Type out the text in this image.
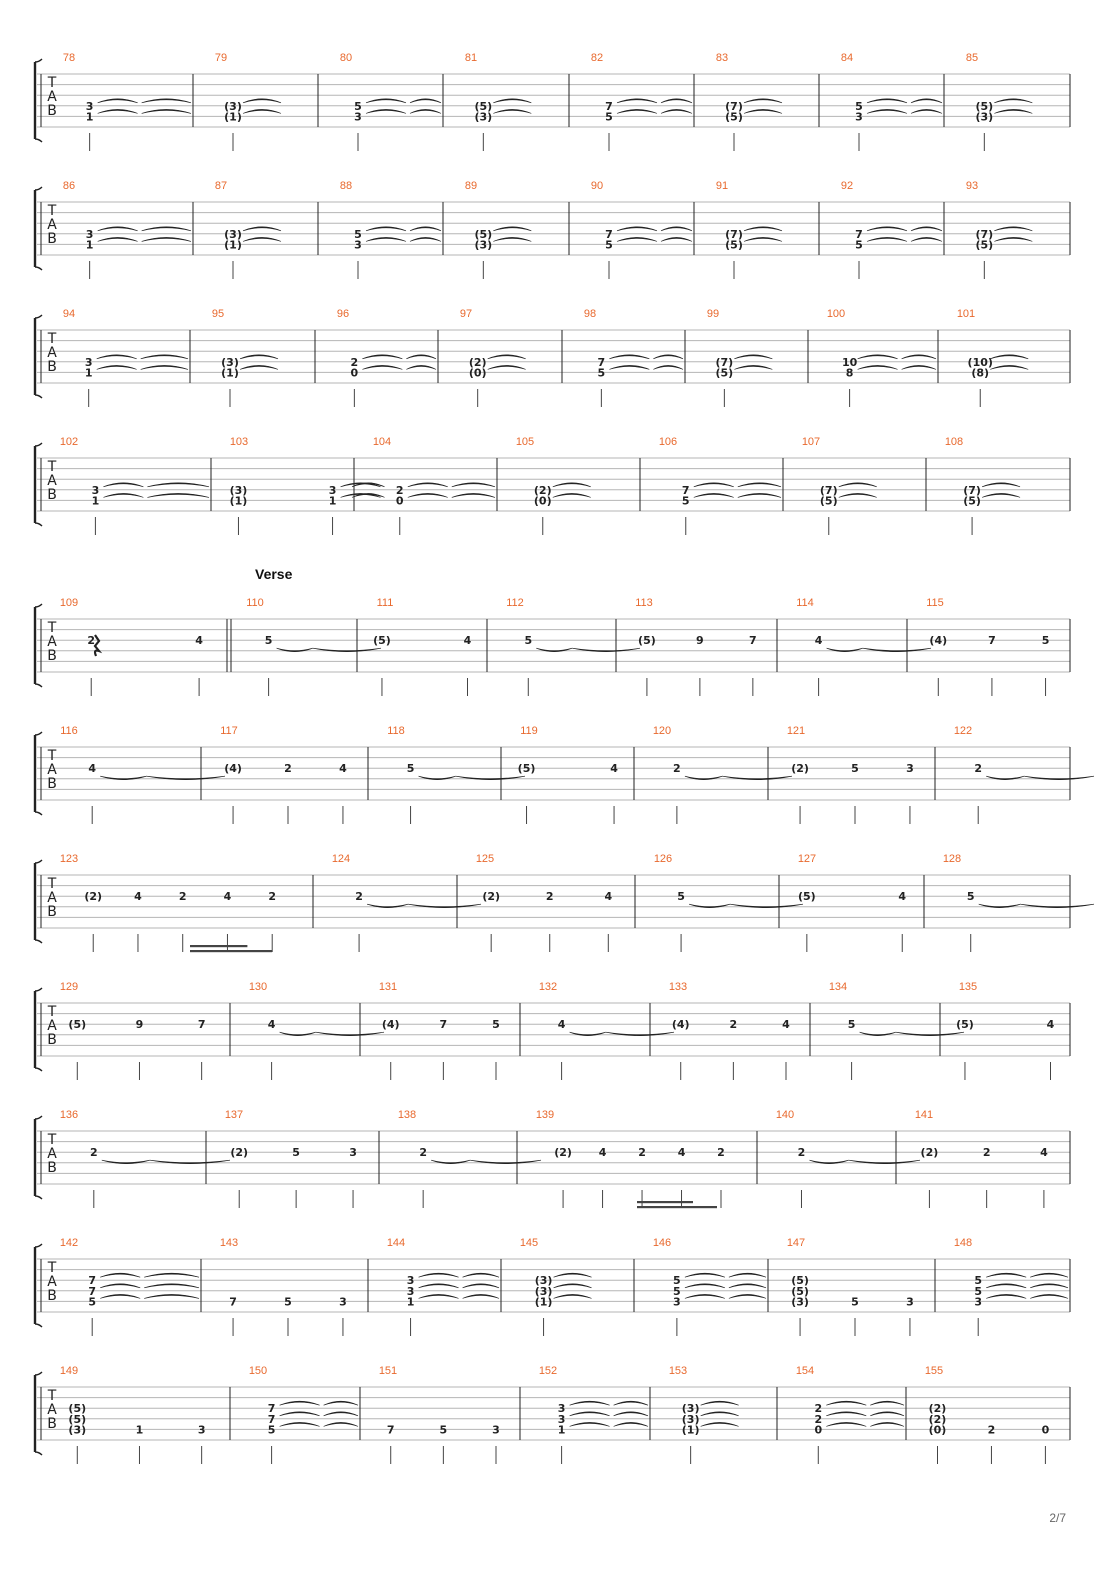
T
A
B
78
3
1
79
(3)
(1)
80
5
3
81
(5)
(3)
82
7
5
83
(7)
(5)
84
5
3
85
(5)
(3)
T
A
B
86
3
1
87
(3)
(1)
88
5
3
89
(5)
(3)
90
7
5
91
(7)
(5)
92
7
5
93
(7)
(5)
T
A
B
94
3
1
95
(3)
(1)
96
2
0
97
(2)
(0)
98
7
5
99
(7)
(5)
100
10
8
101
(10)
(8)
T
A
B
102
3
1
103
(3)
(1)
3
1
104
2
0
105
(2)
(0)
106
7
5
107
(7)
(5)
108
(7)
(5)
T
A
B
Verse
109
2	4
110
5
111
(5)	4
112
5
113
(5)	9	7
114
4
115
(4)	7	5
T
A
B
116
4
117
(4)	2	4
118
5
119
(5)	4
120
2
121
(2)	5	3
122
2
T
A
B
123
(2)	4	2	4	2
124
2
125
(2)	2	4
126
5
127
(5)	4
128
5
T
A
B
129
(5)	9	7
130
4
131
(4)	7	5
132
4
133
(4)	2	4
134
5
135
(5)	4
T
A
B
136
2
137
(2)	5	3
138
2
139
(2) 4	2	4	2
140
2
141
(2)	2	4
T
A
B
142
7
7
5
143
7	5	3
144
3
3
1
145
(3)
(3)
(1)
146
5
5
3
147
(5)
(5)
(3)	5	3
148
5
5
3
T
A
B
149
(5)
(5)
(3)	1	3
150
7
7
5
151
7	5	3
152
3
3
1
153
(3)
(3)
(1)
154
2
2
0
155
(2)
(2)
(0)	2	0
2/7
